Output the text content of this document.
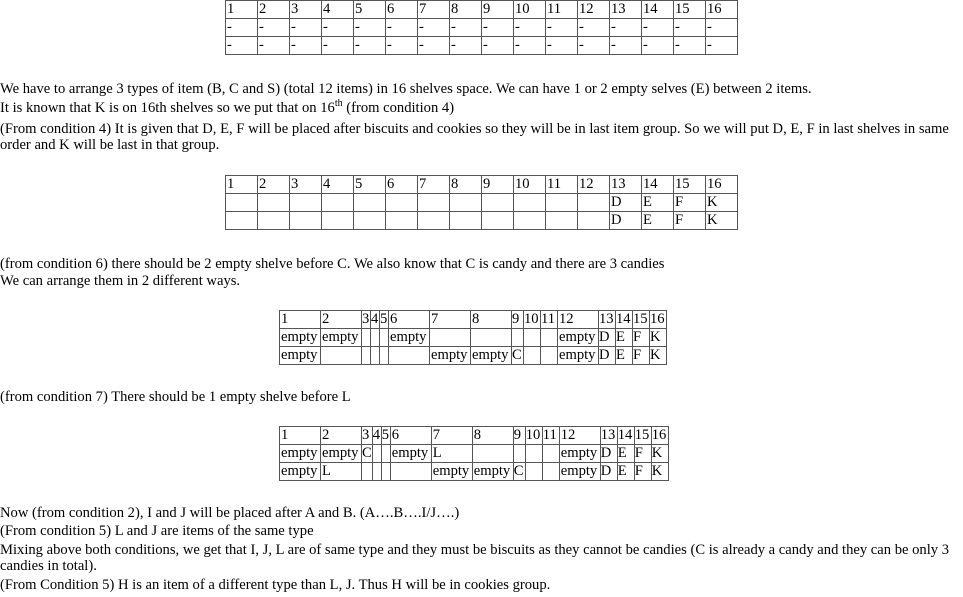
1	2	3	4	5	6	7	8	9	10	11	12	13	14	15	16
-	-	-	-	-	-	-	-	-	-	-	-	-	-	-	-
-	-	-	-	-	-	-	-	-	-	-	-	-	-	-	-

We have to arrange 3 types of item (B, C and S) (total 12 items) in 16 shelves space. We can have 1 or 2 empty selves (E) between 2 items.

It is known that K is on 16th shelves so we put that on 16th (from condition 4)

(From condition 4) It is given that D, E, F will be placed after biscuits and cookies so they will be in last item group. So we will put D, E, F in last shelves in same order and K will be last in that group.

1	2	3	4	5	6	7	8	9	10	11	12	13	14	15	16
												D	E	F	K
												D	E	F	K

(from condition 6) there should be 2 empty shelve before C. We also know that C is candy and there are 3 candies

We can arrange them in 2 different ways.

1	2	3	4	5	6	7	8	9	10	11	12	13	14	15	16
empty	empty				empty						empty	D	E	F	K
empty						empty	empty	C			empty	D	E	F	K

(from condition 7) There should be 1 empty shelve before L

1	2	3	4	5	6	7	8	9	10	11	12	13	14	15	16
empty	empty	C			empty	L					empty	D	E	F	K
empty	L					empty	empty	C			empty	D	E	F	K

Now (from condition 2), I and J will be placed after A and B. (A….B….I/J….)

(From condition 5) L and J are items of the same type

Mixing above both conditions, we get that I, J, L are of same type and they must be biscuits as they cannot be candies (C is already a candy and they can be only 3 candies in total).

(From Condition 5) H is an item of a different type than L, J. Thus H will be in cookies group.
